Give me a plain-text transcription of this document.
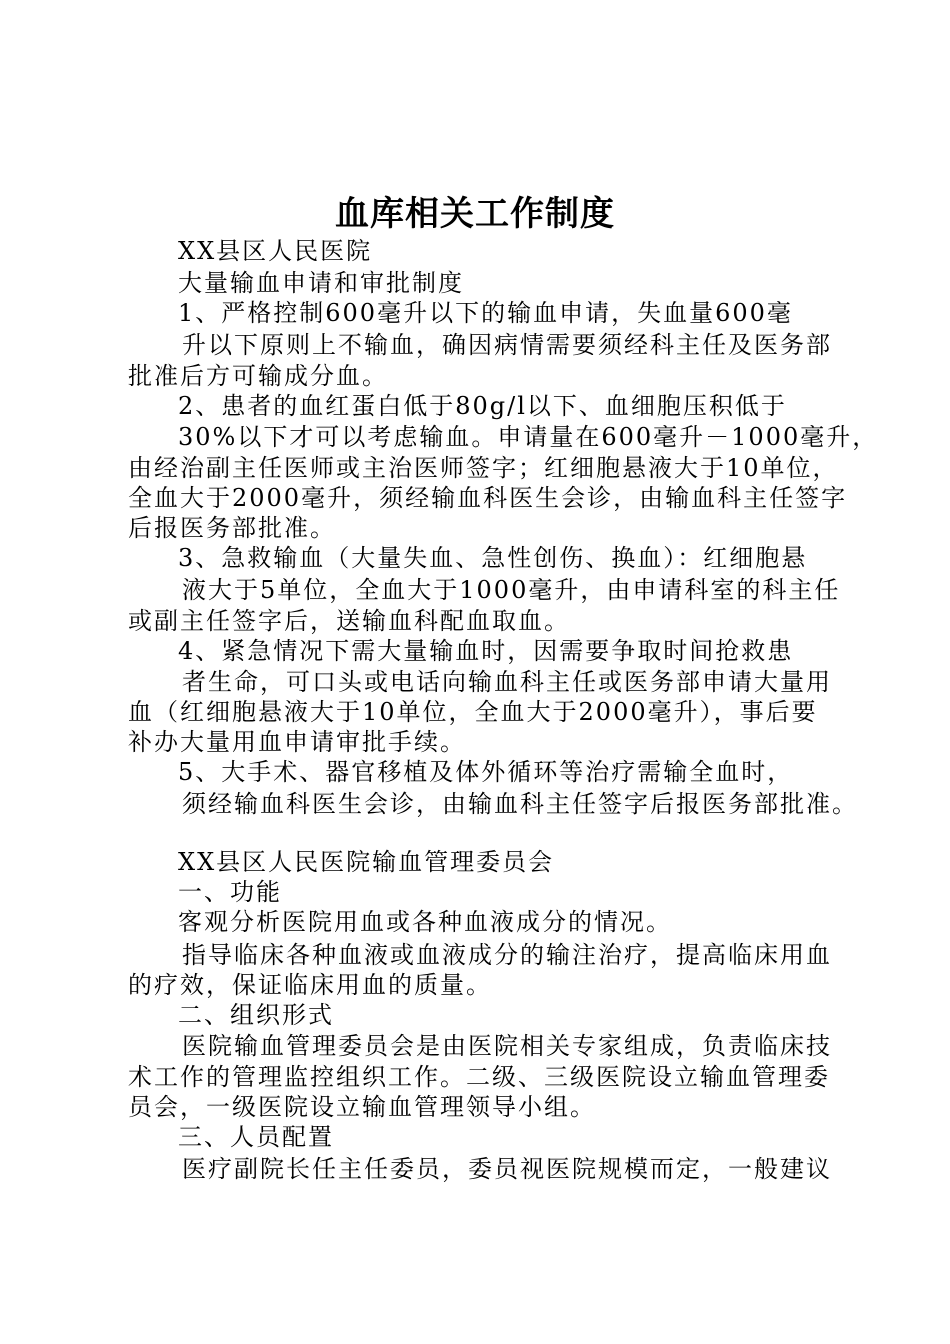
血库相关工作制度
XX县区人民医院
大量输血申请和审批制度
1、严格控制600毫升以下的输血申请，失血量600毫
升以下原则上不输血，确因病情需要须经科主任及医务部
批准后方可输成分血。
2、患者的血红蛋白低于80g/l以下、血细胞压积低于
30%以下才可以考虑输血。申请量在600毫升－1000毫升，
由经治副主任医师或主治医师签字；红细胞悬液大于10单位，
全血大于2000毫升，须经输血科医生会诊，由输血科主任签字
后报医务部批准。
3、急救输血（大量失血、急性创伤、换血）：红细胞悬
液大于5单位，全血大于1000毫升，由申请科室的科主任
或副主任签字后，送输血科配血取血。
4、紧急情况下需大量输血时，因需要争取时间抢救患
者生命，可口头或电话向输血科主任或医务部申请大量用
血（红细胞悬液大于10单位，全血大于2000毫升），事后要
补办大量用血申请审批手续。
5、大手术、器官移植及体外循环等治疗需输全血时，
须经输血科医生会诊，由输血科主任签字后报医务部批准。
XX县区人民医院输血管理委员会
一、功能
客观分析医院用血或各种血液成分的情况。
指导临床各种血液或血液成分的输注治疗，提高临床用血
的疗效，保证临床用血的质量。
二、组织形式
医院输血管理委员会是由医院相关专家组成，负责临床技
术工作的管理监控组织工作。二级、三级医院设立输血管理委
员会，一级医院设立输血管理领导小组。
三、人员配置
医疗副院长任主任委员，委员视医院规模而定，一般建议
